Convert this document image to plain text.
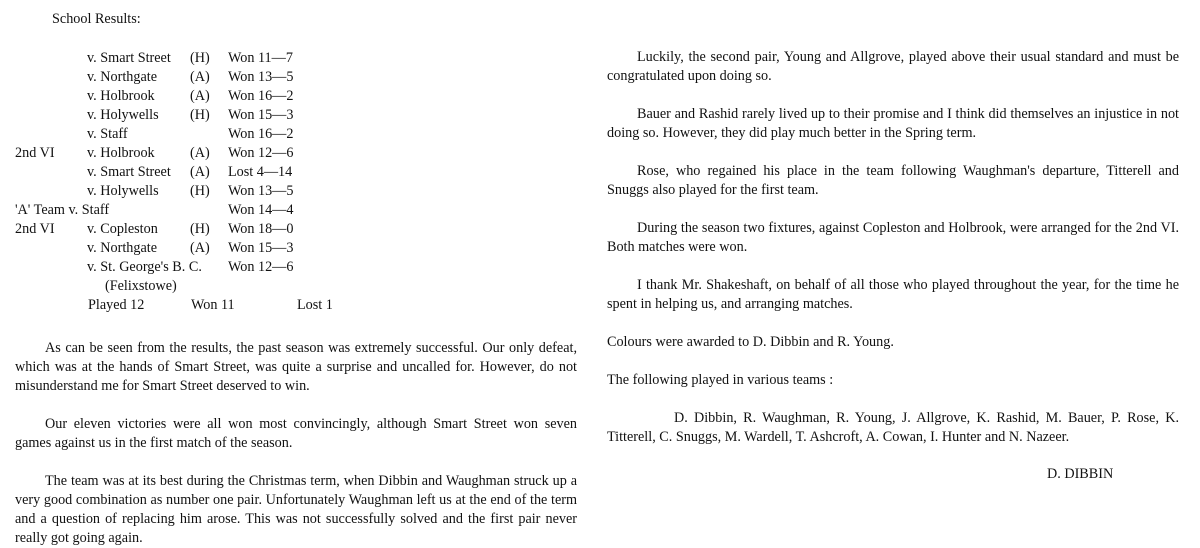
School Results:
v. Smart Street (H) Won 11—7
v. Northgate (A) Won 13—5
v. Holbrook (A) Won 16—2
v. Holywells (H) Won 15—3
v. Staff	Won 16—2
2nd VI v. Holbrook (A) Won 12—6
v. Smart Street (A) Lost 4—14
v. Holywells (H) Won 13—5
'A' Team v. Staff	Won 14—4
2nd VI v. Copleston (H) Won 18—0
v. Northgate (A) Won 15—3
v. St. George's B. C. Won 12—6
(Felixstowe)
Played 12	Won 11	Lost 1
As can be seen from the results, the past season was extremely successful. Our only defeat, which was at the hands of Smart Street, was quite a surprise and uncalled for. However, do not misunderstand me for Smart Street deserved to win.
Our eleven victories were all won most convincingly, although Smart Street won seven games against us in the first match of the season.
The team was at its best during the Christmas term, when Dibbin and Waughman struck up a very good combination as number one pair. Unfortunately Waughman left us at the end of the term and a question of replacing him arose. This was not successfully solved and the first pair never really got going again.
Luckily, the second pair, Young and Allgrove, played above their usual standard and must be congratulated upon doing so.
Bauer and Rashid rarely lived up to their promise and I think did themselves an injustice in not doing so. However, they did play much better in the Spring term.
Rose, who regained his place in the team following Waughman's departure, Titterell and Snuggs also played for the first team.
During the season two fixtures, against Copleston and Holbrook, were arranged for the 2nd VI. Both matches were won.
I thank Mr. Shakeshaft, on behalf of all those who played throughout the year, for the time he spent in helping us, and arranging matches.
Colours were awarded to D. Dibbin and R. Young.
The following played in various teams :
D. Dibbin, R. Waughman, R. Young, J. Allgrove, K. Rashid, M. Bauer, P. Rose, K. Titterell, C. Snuggs, M. Wardell, T. Ashcroft, A. Cowan, I. Hunter and N. Nazeer.
D. DIBBIN
